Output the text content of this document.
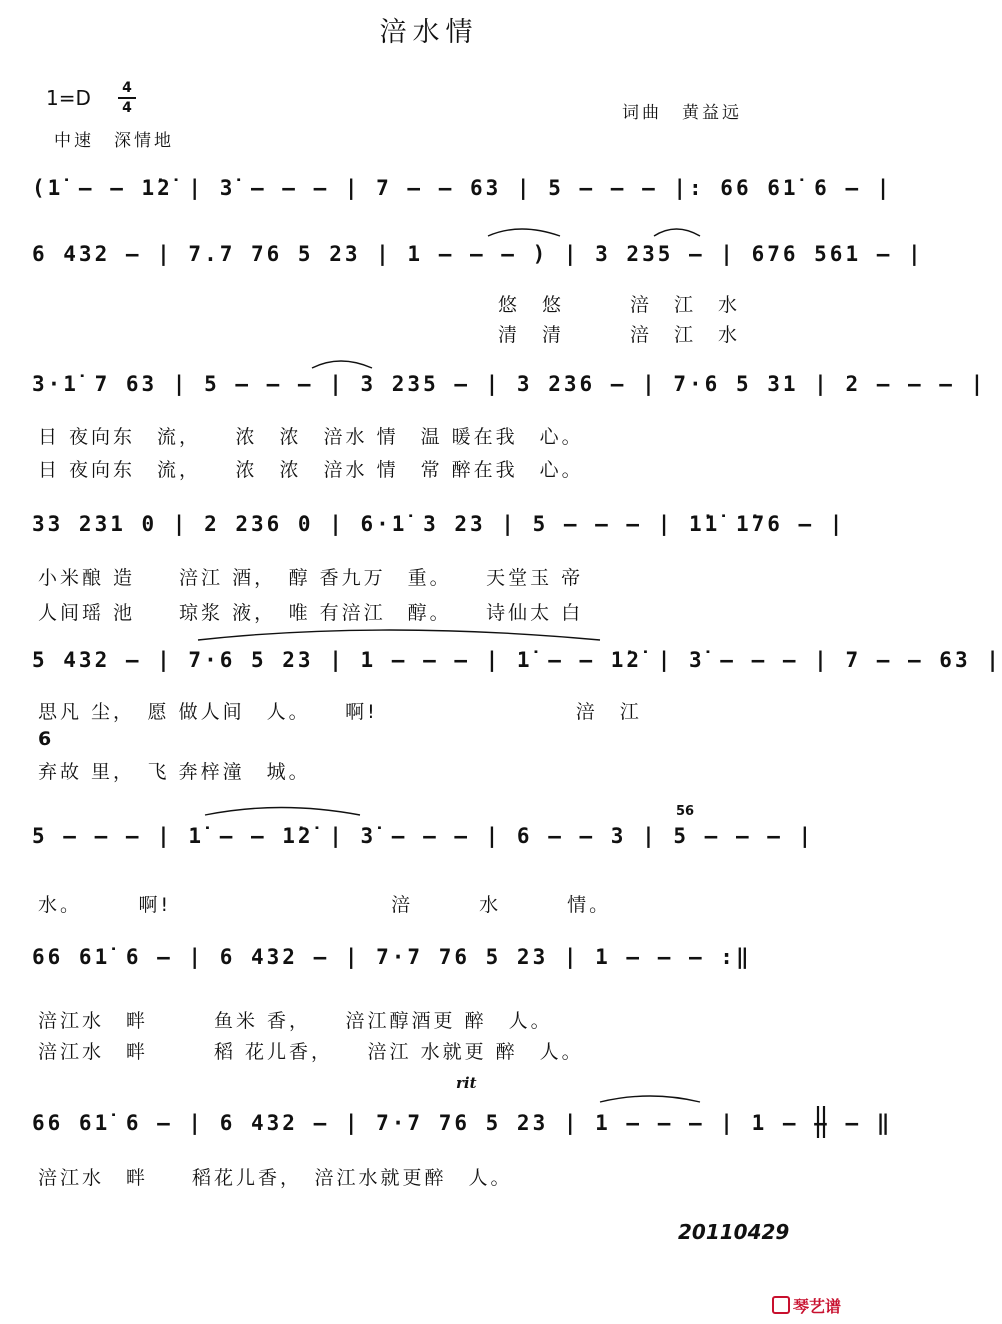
涪水情
1=D 4
4
中速　深情地
词曲　黄益远
(1̇ – – 1̇2̇ | 3̇ – – – | 7 – – 63 | 5 – – – |: 66 61̇ 6 – |
6 432 – | 7.7 76 5 23 | 1 – – – ) | 3 235 – | 676 561 – |
悠　悠　　　涪　江　水
清　清　　　涪　江　水
3·1̇ 7 63 | 5 – – – | 3 235 – | 3 236 – | 7·6 5 31 | 2 – – – |
日 夜向东　流，　　浓　浓　涪水 情　温 暖在我　心。
日 夜向东　流，　　浓　浓　涪水 情　常 醉在我　心。
33 231 0 | 2 236 0 | 6·1̇ 3 23 | 5 – – – | 1̇1̇ 1̇76 – |
小米酿 造　　涪江 酒，　醇 香九万　重。　　天堂玉 帝
人间瑶 池　　琼浆 液，　唯 有涪江　醇。　　诗仙太 白
5 432 – | 7·6 5 23 | 1 – – – | 1̇ – – 1̇2̇ | 3̇ – – – | 7 – – 63 |
思凡 尘，　愿 做人间　人。　　啊!　　　　　　　　　涪　江
6
弃故 里，　飞 奔梓潼　城。
56
5 – – – | 1̇ – – 1̇2̇ | 3̇ – – – | 6 – – 3 | 5 – – – |
水。　　　啊!　　　　　　　　　　涪　　　水　　　情。
66 61̇ 6 – | 6 432 – | 7·7 76 5 23 | 1 – – – :‖
涪江水　畔　　　鱼米 香，　　涪江醇酒更 醉　人。
涪江水　畔　　　稻 花儿香，　　涪江 水就更 醉　人。
rit
66 61̇ 6 – | 6 432 – | 7·7 76 5 23 | 1 – – – | 1 – – – ‖
涪江水　畔　　稻花儿香，　涪江水就更醉　人。
20110429
琴艺谱
